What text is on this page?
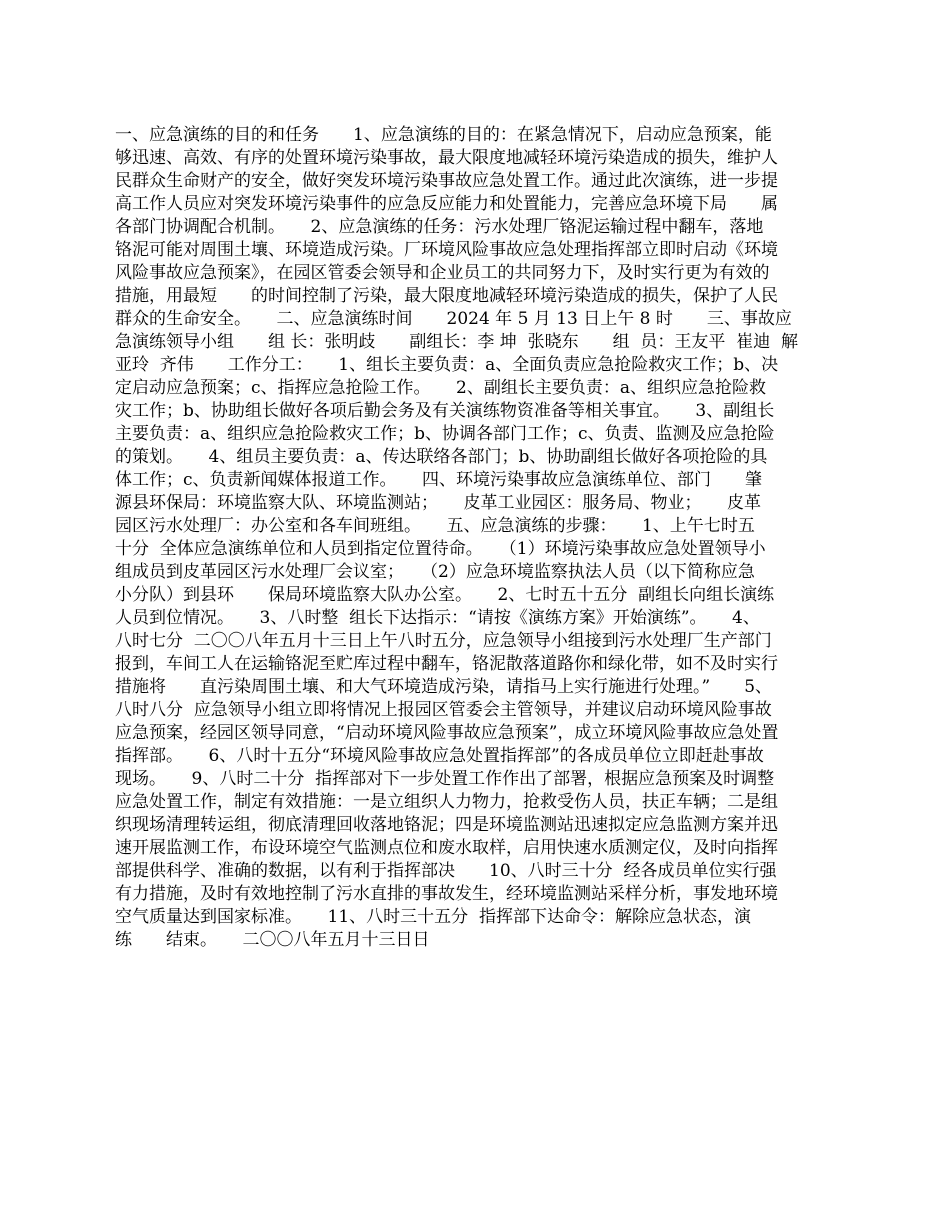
一、应急演练的目的和任务　　1、应急演练的目的：在紧急情况下，启动应急预案，能
够迅速、高效、有序的处置环境污染事故，最大限度地减轻环境污染造成的损失，维护人
民群众生命财产的安全，做好突发环境污染事故应急处置工作。通过此次演练，进一步提
高工作人员应对突发环境污染事件的应急反应能力和处置能力，完善应急环境下局　　属
各部门协调配合机制。　　2、应急演练的任务：污水处理厂铬泥运输过程中翻车，落地
铬泥可能对周围土壤、环境造成污染。厂环境风险事故应急处理指挥部立即时启动《环境
风险事故应急预案》，在园区管委会领导和企业员工的共同努力下，及时实行更为有效的
措施，用最短　　的时间控制了污染，最大限度地减轻环境污染造成的损失，保护了人民
群众的生命安全。　　二、应急演练时间　　2024 年 5 月 13 日上午 8 时　　三、事故应
急演练领导小组　　组 长：张明歧　　副组长：李 坤  张晓东　　组  员：王友平  崔迪  解
亚玲  齐伟　　工作分工：　　1、组长主要负责：a、全面负责应急抢险救灾工作；b、决
定启动应急预案；c、指挥应急抢险工作。　　2、副组长主要负责：a、组织应急抢险救
灾工作；b、协助组长做好各项后勤会务及有关演练物资准备等相关事宜。　　3、副组长
主要负责：a、组织应急抢险救灾工作；b、协调各部门工作；c、负责、监测及应急抢险
的策划。　　4、组员主要负责：a、传达联络各部门；b、协助副组长做好各项抢险的具
体工作；c、负责新闻媒体报道工作。　　四、环境污染事故应急演练单位、部门　　肇
源县环保局：环境监察大队、环境监测站；　　皮革工业园区：服务局、物业；　　皮革
园区污水处理厂：办公室和各车间班组。　　五、应急演练的步骤：　　1、上午七时五
十分  全体应急演练单位和人员到指定位置待命。　　（1）环境污染事故应急处置领导小
组成员到皮革园区污水处理厂会议室；　　（2）应急环境监察执法人员（以下简称应急
小分队）到县环　　保局环境监察大队办公室。　　2、七时五十五分  副组长向组长演练
人员到位情况。　　3、八时整  组长下达指示：“请按《演练方案》开始演练”。　　4、
八时七分  二〇〇八年五月十三日上午八时五分，应急领导小组接到污水处理厂生产部门
报到，车间工人在运输铬泥至贮库过程中翻车，铬泥散落道路你和绿化带，如不及时实行
措施将　　直污染周围土壤、和大气环境造成污染，请指马上实行施进行处理。”　　5、
八时八分  应急领导小组立即将情况上报园区管委会主管领导，并建议启动环境风险事故
应急预案，经园区领导同意，“启动环境风险事故应急预案”，成立环境风险事故应急处置
指挥部。　　6、八时十五分“环境风险事故应急处置指挥部”的各成员单位立即赶赴事故
现场。　　9、八时二十分  指挥部对下一步处置工作作出了部署，根据应急预案及时调整
应急处置工作，制定有效措施：一是立组织人力物力，抢救受伤人员，扶正车辆；二是组
织现场清理转运组，彻底清理回收落地铬泥；四是环境监测站迅速拟定应急监测方案并迅
速开展监测工作，布设环境空气监测点位和废水取样，启用快速水质测定仪，及时向指挥
部提供科学、准确的数据，以有利于指挥部决　　10、八时三十分  经各成员单位实行强
有力措施，及时有效地控制了污水直排的事故发生，经环境监测站采样分析，事发地环境
空气质量达到国家标准。　　11、八时三十五分  指挥部下达命令：解除应急状态，演
练　　结束。　　二〇〇八年五月十三日日
